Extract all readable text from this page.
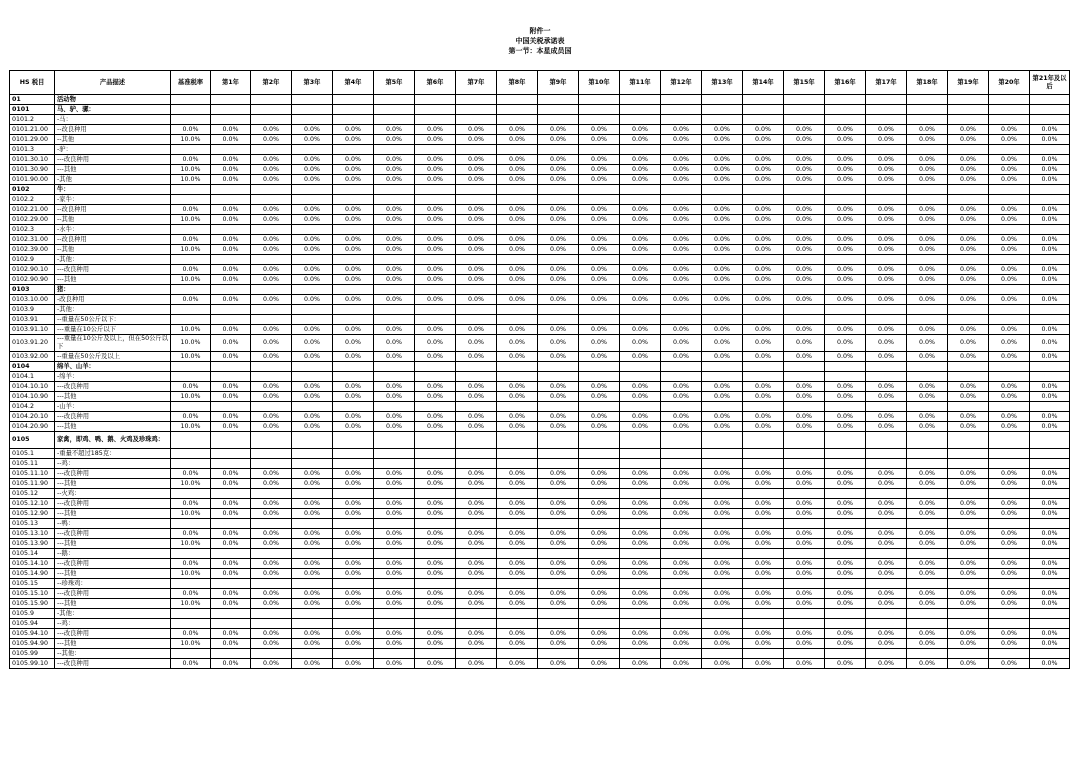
附件一
中国关税承诺表
第一节：本星成员国
HS 税目	产品描述	基准税率	第1年	第2年	第3年	第4年	第5年	第6年	第7年	第8年	第9年	第10年	第11年	第12年	第13年	第14年	第15年	第16年	第17年	第18年	第19年	第20年	第21年及以后
01	活动物																						
0101	马、驴、骡：																						
0101.2	-马：																						
0101.21.00	--改良种用	0.0%	0.0%	0.0%	0.0%	0.0%	0.0%	0.0%	0.0%	0.0%	0.0%	0.0%	0.0%	0.0%	0.0%	0.0%	0.0%	0.0%	0.0%	0.0%	0.0%	0.0%	0.0%
0101.29.00	--其他	10.0%	0.0%	0.0%	0.0%	0.0%	0.0%	0.0%	0.0%	0.0%	0.0%	0.0%	0.0%	0.0%	0.0%	0.0%	0.0%	0.0%	0.0%	0.0%	0.0%	0.0%	0.0%
0101.3	-驴：																						
0101.30.10	---改良种用	0.0%	0.0%	0.0%	0.0%	0.0%	0.0%	0.0%	0.0%	0.0%	0.0%	0.0%	0.0%	0.0%	0.0%	0.0%	0.0%	0.0%	0.0%	0.0%	0.0%	0.0%	0.0%
0101.30.90	---其他	10.0%	0.0%	0.0%	0.0%	0.0%	0.0%	0.0%	0.0%	0.0%	0.0%	0.0%	0.0%	0.0%	0.0%	0.0%	0.0%	0.0%	0.0%	0.0%	0.0%	0.0%	0.0%
0101.90.00	-其他	10.0%	0.0%	0.0%	0.0%	0.0%	0.0%	0.0%	0.0%	0.0%	0.0%	0.0%	0.0%	0.0%	0.0%	0.0%	0.0%	0.0%	0.0%	0.0%	0.0%	0.0%	0.0%
0102	牛：																						
0102.2	-家牛：																						
0102.21.00	--改良种用	0.0%	0.0%	0.0%	0.0%	0.0%	0.0%	0.0%	0.0%	0.0%	0.0%	0.0%	0.0%	0.0%	0.0%	0.0%	0.0%	0.0%	0.0%	0.0%	0.0%	0.0%	0.0%
0102.29.00	--其他	10.0%	0.0%	0.0%	0.0%	0.0%	0.0%	0.0%	0.0%	0.0%	0.0%	0.0%	0.0%	0.0%	0.0%	0.0%	0.0%	0.0%	0.0%	0.0%	0.0%	0.0%	0.0%
0102.3	-水牛：																						
0102.31.00	--改良种用	0.0%	0.0%	0.0%	0.0%	0.0%	0.0%	0.0%	0.0%	0.0%	0.0%	0.0%	0.0%	0.0%	0.0%	0.0%	0.0%	0.0%	0.0%	0.0%	0.0%	0.0%	0.0%
0102.39.00	--其他	10.0%	0.0%	0.0%	0.0%	0.0%	0.0%	0.0%	0.0%	0.0%	0.0%	0.0%	0.0%	0.0%	0.0%	0.0%	0.0%	0.0%	0.0%	0.0%	0.0%	0.0%	0.0%
0102.9	-其他：																						
0102.90.10	---改良种用	0.0%	0.0%	0.0%	0.0%	0.0%	0.0%	0.0%	0.0%	0.0%	0.0%	0.0%	0.0%	0.0%	0.0%	0.0%	0.0%	0.0%	0.0%	0.0%	0.0%	0.0%	0.0%
0102.90.90	---其他	10.0%	0.0%	0.0%	0.0%	0.0%	0.0%	0.0%	0.0%	0.0%	0.0%	0.0%	0.0%	0.0%	0.0%	0.0%	0.0%	0.0%	0.0%	0.0%	0.0%	0.0%	0.0%
0103	猪：																						
0103.10.00	-改良种用	0.0%	0.0%	0.0%	0.0%	0.0%	0.0%	0.0%	0.0%	0.0%	0.0%	0.0%	0.0%	0.0%	0.0%	0.0%	0.0%	0.0%	0.0%	0.0%	0.0%	0.0%	0.0%
0103.9	-其他：																						
0103.91	--重量在50公斤以下：																						
0103.91.10	---重量在10公斤以下	10.0%	0.0%	0.0%	0.0%	0.0%	0.0%	0.0%	0.0%	0.0%	0.0%	0.0%	0.0%	0.0%	0.0%	0.0%	0.0%	0.0%	0.0%	0.0%	0.0%	0.0%	0.0%
0103.91.20	---重量在10公斤及以上，但在50公斤以下	10.0%	0.0%	0.0%	0.0%	0.0%	0.0%	0.0%	0.0%	0.0%	0.0%	0.0%	0.0%	0.0%	0.0%	0.0%	0.0%	0.0%	0.0%	0.0%	0.0%	0.0%	0.0%
0103.92.00	--重量在50公斤及以上	10.0%	0.0%	0.0%	0.0%	0.0%	0.0%	0.0%	0.0%	0.0%	0.0%	0.0%	0.0%	0.0%	0.0%	0.0%	0.0%	0.0%	0.0%	0.0%	0.0%	0.0%	0.0%
0104	绵羊、山羊：																						
0104.1	-绵羊：																						
0104.10.10	---改良种用	0.0%	0.0%	0.0%	0.0%	0.0%	0.0%	0.0%	0.0%	0.0%	0.0%	0.0%	0.0%	0.0%	0.0%	0.0%	0.0%	0.0%	0.0%	0.0%	0.0%	0.0%	0.0%
0104.10.90	---其他	10.0%	0.0%	0.0%	0.0%	0.0%	0.0%	0.0%	0.0%	0.0%	0.0%	0.0%	0.0%	0.0%	0.0%	0.0%	0.0%	0.0%	0.0%	0.0%	0.0%	0.0%	0.0%
0104.2	-山羊：																						
0104.20.10	---改良种用	0.0%	0.0%	0.0%	0.0%	0.0%	0.0%	0.0%	0.0%	0.0%	0.0%	0.0%	0.0%	0.0%	0.0%	0.0%	0.0%	0.0%	0.0%	0.0%	0.0%	0.0%	0.0%
0104.20.90	---其他	10.0%	0.0%	0.0%	0.0%	0.0%	0.0%	0.0%	0.0%	0.0%	0.0%	0.0%	0.0%	0.0%	0.0%	0.0%	0.0%	0.0%	0.0%	0.0%	0.0%	0.0%	0.0%
0105	家禽，即鸡、鸭、鹅、火鸡及珍珠鸡：																						
0105.1	-重量不超过185克：																						
0105.11	--鸡：																						
0105.11.10	---改良种用	0.0%	0.0%	0.0%	0.0%	0.0%	0.0%	0.0%	0.0%	0.0%	0.0%	0.0%	0.0%	0.0%	0.0%	0.0%	0.0%	0.0%	0.0%	0.0%	0.0%	0.0%	0.0%
0105.11.90	---其他	10.0%	0.0%	0.0%	0.0%	0.0%	0.0%	0.0%	0.0%	0.0%	0.0%	0.0%	0.0%	0.0%	0.0%	0.0%	0.0%	0.0%	0.0%	0.0%	0.0%	0.0%	0.0%
0105.12	--火鸡：																						
0105.12.10	---改良种用	0.0%	0.0%	0.0%	0.0%	0.0%	0.0%	0.0%	0.0%	0.0%	0.0%	0.0%	0.0%	0.0%	0.0%	0.0%	0.0%	0.0%	0.0%	0.0%	0.0%	0.0%	0.0%
0105.12.90	---其他	10.0%	0.0%	0.0%	0.0%	0.0%	0.0%	0.0%	0.0%	0.0%	0.0%	0.0%	0.0%	0.0%	0.0%	0.0%	0.0%	0.0%	0.0%	0.0%	0.0%	0.0%	0.0%
0105.13	--鸭：																						
0105.13.10	---改良种用	0.0%	0.0%	0.0%	0.0%	0.0%	0.0%	0.0%	0.0%	0.0%	0.0%	0.0%	0.0%	0.0%	0.0%	0.0%	0.0%	0.0%	0.0%	0.0%	0.0%	0.0%	0.0%
0105.13.90	---其他	10.0%	0.0%	0.0%	0.0%	0.0%	0.0%	0.0%	0.0%	0.0%	0.0%	0.0%	0.0%	0.0%	0.0%	0.0%	0.0%	0.0%	0.0%	0.0%	0.0%	0.0%	0.0%
0105.14	--鹅：																						
0105.14.10	---改良种用	0.0%	0.0%	0.0%	0.0%	0.0%	0.0%	0.0%	0.0%	0.0%	0.0%	0.0%	0.0%	0.0%	0.0%	0.0%	0.0%	0.0%	0.0%	0.0%	0.0%	0.0%	0.0%
0105.14.90	---其他	10.0%	0.0%	0.0%	0.0%	0.0%	0.0%	0.0%	0.0%	0.0%	0.0%	0.0%	0.0%	0.0%	0.0%	0.0%	0.0%	0.0%	0.0%	0.0%	0.0%	0.0%	0.0%
0105.15	--珍珠鸡：																						
0105.15.10	---改良种用	0.0%	0.0%	0.0%	0.0%	0.0%	0.0%	0.0%	0.0%	0.0%	0.0%	0.0%	0.0%	0.0%	0.0%	0.0%	0.0%	0.0%	0.0%	0.0%	0.0%	0.0%	0.0%
0105.15.90	---其他	10.0%	0.0%	0.0%	0.0%	0.0%	0.0%	0.0%	0.0%	0.0%	0.0%	0.0%	0.0%	0.0%	0.0%	0.0%	0.0%	0.0%	0.0%	0.0%	0.0%	0.0%	0.0%
0105.9	-其他：																						
0105.94	--鸡：																						
0105.94.10	---改良种用	0.0%	0.0%	0.0%	0.0%	0.0%	0.0%	0.0%	0.0%	0.0%	0.0%	0.0%	0.0%	0.0%	0.0%	0.0%	0.0%	0.0%	0.0%	0.0%	0.0%	0.0%	0.0%
0105.94.90	---其他	10.0%	0.0%	0.0%	0.0%	0.0%	0.0%	0.0%	0.0%	0.0%	0.0%	0.0%	0.0%	0.0%	0.0%	0.0%	0.0%	0.0%	0.0%	0.0%	0.0%	0.0%	0.0%
0105.99	--其他：																						
0105.99.10	---改良种用	0.0%	0.0%	0.0%	0.0%	0.0%	0.0%	0.0%	0.0%	0.0%	0.0%	0.0%	0.0%	0.0%	0.0%	0.0%	0.0%	0.0%	0.0%	0.0%	0.0%	0.0%	0.0%
